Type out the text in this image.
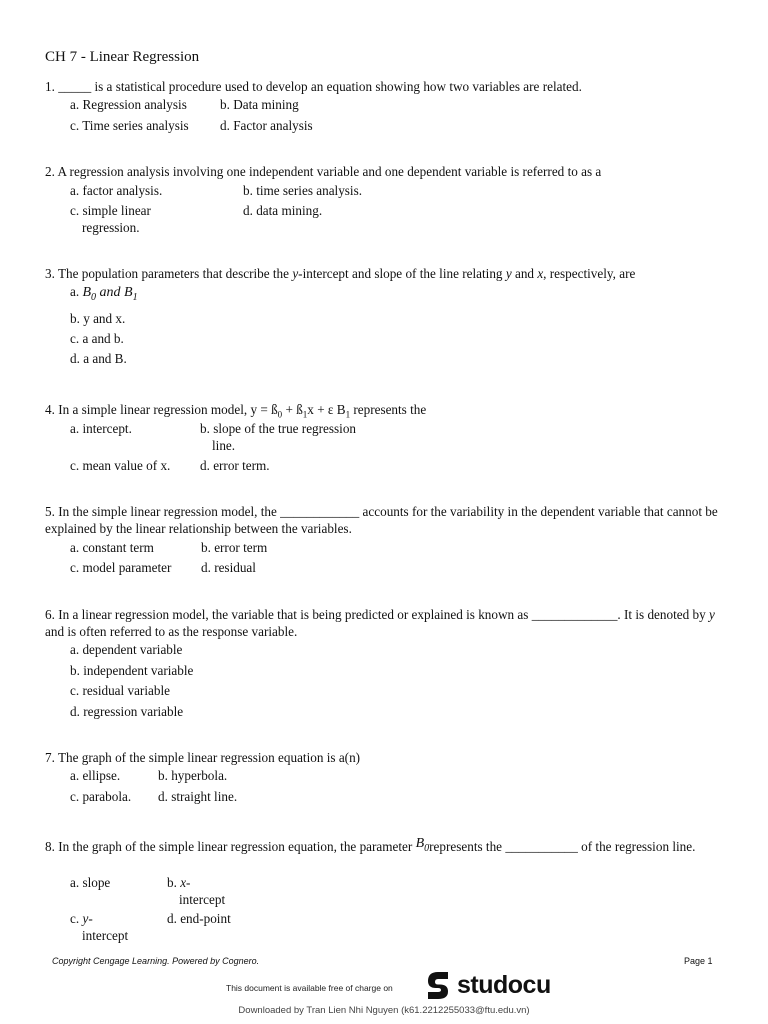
CH 7 - Linear Regression
1. _____ is a statistical procedure used to develop an equation showing how two variables are related.
a. Regression analysis	b. Data mining
c. Time series analysis d. Factor analysis
2. A regression analysis involving one independent variable and one dependent variable is referred to as a
a. factor analysis.	b. time series analysis.
c. simple linear
regression.
d. data mining.
3. The population parameters that describe the y-intercept and slope of the line relating y and x, respectively, are
a. $B_0$ and $B_1$
b. y and x.
c. a and b.
d. a and B.
4. In a simple linear regression model, $y = ß_0$ + $ß_1x + \varepsilon$ $B_1$ represents the
a. intercept.	b. slope of the true regression
line.
c. mean value of x. d. error term.
5. In the simple linear regression model, the ____________ accounts for the variability in the dependent variable that cannot be explained by the linear relationship between the variables.
a. constant term	b. error term
c. model parameter d. residual
6. In a linear regression model, the variable that is being predicted or explained is known as _____________. It is denoted by y and is often referred to as the response variable.
a. dependent variable
b. independent variable
c. residual variable
d. regression variable
7. The graph of the simple linear regression equation is a(n)
a. ellipse.	b. hyperbola.
c. parabola. d. straight line.
8. In the graph of the simple linear regression equation, the parameter B0represents the ___________ of the regression line.
a. slope	b. x-
intercept
c. y-
intercept
d. end-point
Copyright Cengage Learning. Powered by Cognero.	Page 1
This document is available free of charge on	studocu
Downloaded by Tran Lien Nhi Nguyen (k61.2212255033@ftu.edu.vn)
